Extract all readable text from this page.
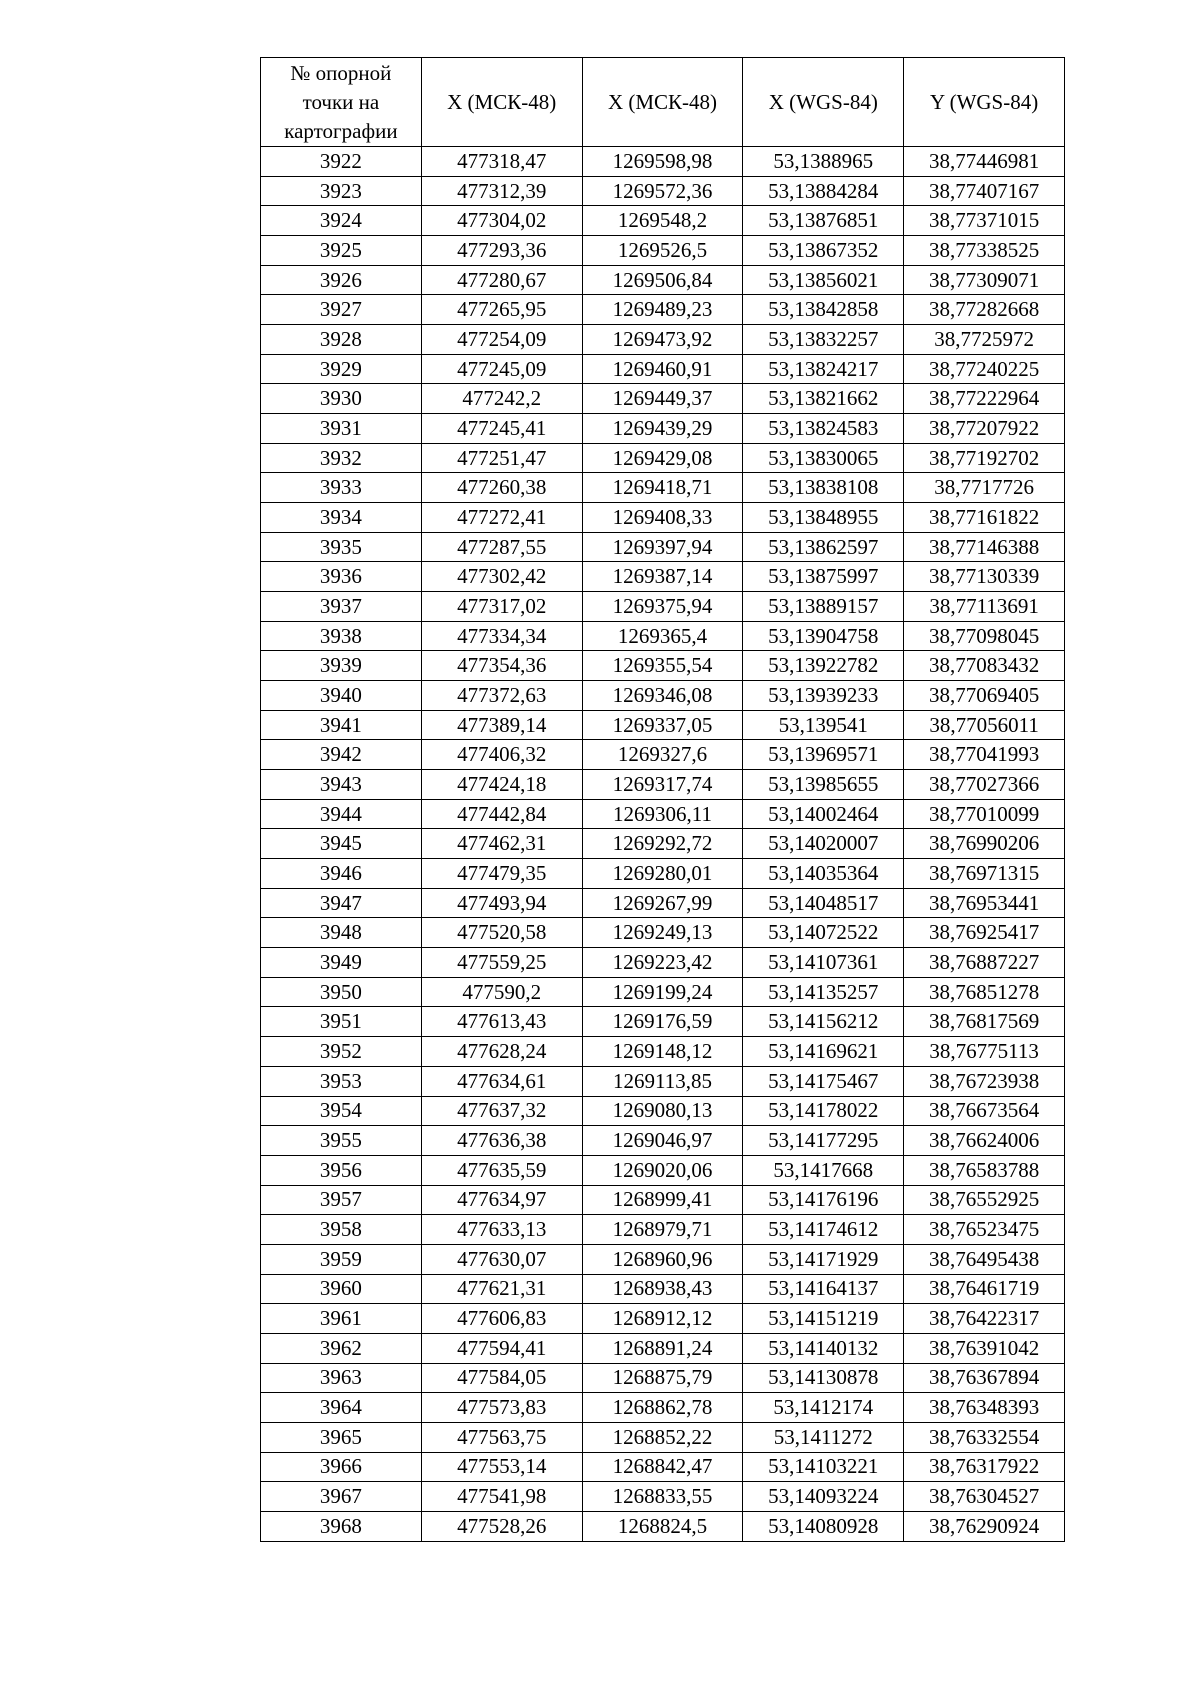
№ опорной
точки на
картографии	X (МСК-48)	X (МСК-48)	X (WGS-84)	Y (WGS-84)
3922	477318,47	1269598,98	53,1388965	38,77446981
3923	477312,39	1269572,36	53,13884284	38,77407167
3924	477304,02	1269548,2	53,13876851	38,77371015
3925	477293,36	1269526,5	53,13867352	38,77338525
3926	477280,67	1269506,84	53,13856021	38,77309071
3927	477265,95	1269489,23	53,13842858	38,77282668
3928	477254,09	1269473,92	53,13832257	38,7725972
3929	477245,09	1269460,91	53,13824217	38,77240225
3930	477242,2	1269449,37	53,13821662	38,77222964
3931	477245,41	1269439,29	53,13824583	38,77207922
3932	477251,47	1269429,08	53,13830065	38,77192702
3933	477260,38	1269418,71	53,13838108	38,7717726
3934	477272,41	1269408,33	53,13848955	38,77161822
3935	477287,55	1269397,94	53,13862597	38,77146388
3936	477302,42	1269387,14	53,13875997	38,77130339
3937	477317,02	1269375,94	53,13889157	38,77113691
3938	477334,34	1269365,4	53,13904758	38,77098045
3939	477354,36	1269355,54	53,13922782	38,77083432
3940	477372,63	1269346,08	53,13939233	38,77069405
3941	477389,14	1269337,05	53,139541	38,77056011
3942	477406,32	1269327,6	53,13969571	38,77041993
3943	477424,18	1269317,74	53,13985655	38,77027366
3944	477442,84	1269306,11	53,14002464	38,77010099
3945	477462,31	1269292,72	53,14020007	38,76990206
3946	477479,35	1269280,01	53,14035364	38,76971315
3947	477493,94	1269267,99	53,14048517	38,76953441
3948	477520,58	1269249,13	53,14072522	38,76925417
3949	477559,25	1269223,42	53,14107361	38,76887227
3950	477590,2	1269199,24	53,14135257	38,76851278
3951	477613,43	1269176,59	53,14156212	38,76817569
3952	477628,24	1269148,12	53,14169621	38,76775113
3953	477634,61	1269113,85	53,14175467	38,76723938
3954	477637,32	1269080,13	53,14178022	38,76673564
3955	477636,38	1269046,97	53,14177295	38,76624006
3956	477635,59	1269020,06	53,1417668	38,76583788
3957	477634,97	1268999,41	53,14176196	38,76552925
3958	477633,13	1268979,71	53,14174612	38,76523475
3959	477630,07	1268960,96	53,14171929	38,76495438
3960	477621,31	1268938,43	53,14164137	38,76461719
3961	477606,83	1268912,12	53,14151219	38,76422317
3962	477594,41	1268891,24	53,14140132	38,76391042
3963	477584,05	1268875,79	53,14130878	38,76367894
3964	477573,83	1268862,78	53,1412174	38,76348393
3965	477563,75	1268852,22	53,1411272	38,76332554
3966	477553,14	1268842,47	53,14103221	38,76317922
3967	477541,98	1268833,55	53,14093224	38,76304527
3968	477528,26	1268824,5	53,14080928	38,76290924
